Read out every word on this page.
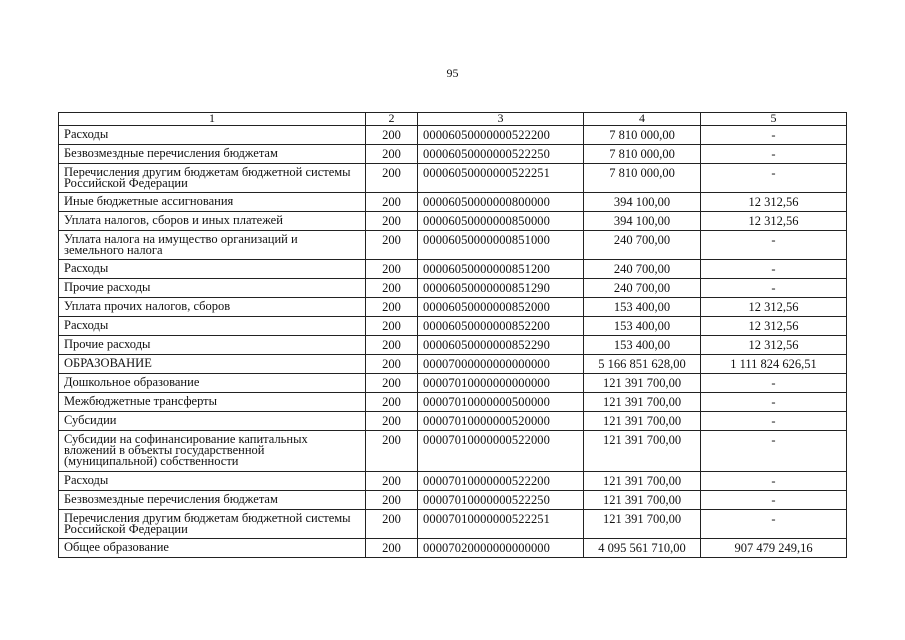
95
1	2	3	4	5

Расходы	200	00006050000000522200	7 810 000,00	-

Безвозмездные перечисления бюджетам	200	00006050000000522250	7 810 000,00	-

Перечисления другим бюджетам бюджетной системы Российской Федерации	200	00006050000000522251	7 810 000,00	-

Иные бюджетные ассигнования	200	00006050000000800000	394 100,00	12 312,56

Уплата налогов, сборов и иных платежей	200	00006050000000850000	394 100,00	12 312,56

Уплата налога на имущество организаций и земельного налога	200	00006050000000851000	240 700,00	-

Расходы	200	00006050000000851200	240 700,00	-

Прочие расходы	200	00006050000000851290	240 700,00	-

Уплата прочих налогов, сборов	200	00006050000000852000	153 400,00	12 312,56

Расходы	200	00006050000000852200	153 400,00	12 312,56

Прочие расходы	200	00006050000000852290	153 400,00	12 312,56

ОБРАЗОВАНИЕ	200	00007000000000000000	5 166 851 628,00	1 111 824 626,51

Дошкольное образование	200	00007010000000000000	121 391 700,00	-

Межбюджетные трансферты	200	00007010000000500000	121 391 700,00	-

Субсидии	200	00007010000000520000	121 391 700,00	-

Субсидии на софинансирование капитальных вложений в объекты государственной (муниципальной) собственности	200	00007010000000522000	121 391 700,00	-

Расходы	200	00007010000000522200	121 391 700,00	-

Безвозмездные перечисления бюджетам	200	00007010000000522250	121 391 700,00	-

Перечисления другим бюджетам бюджетной системы Российской Федерации	200	00007010000000522251	121 391 700,00	-

Общее образование	200	00007020000000000000	4 095 561 710,00	907 479 249,16
